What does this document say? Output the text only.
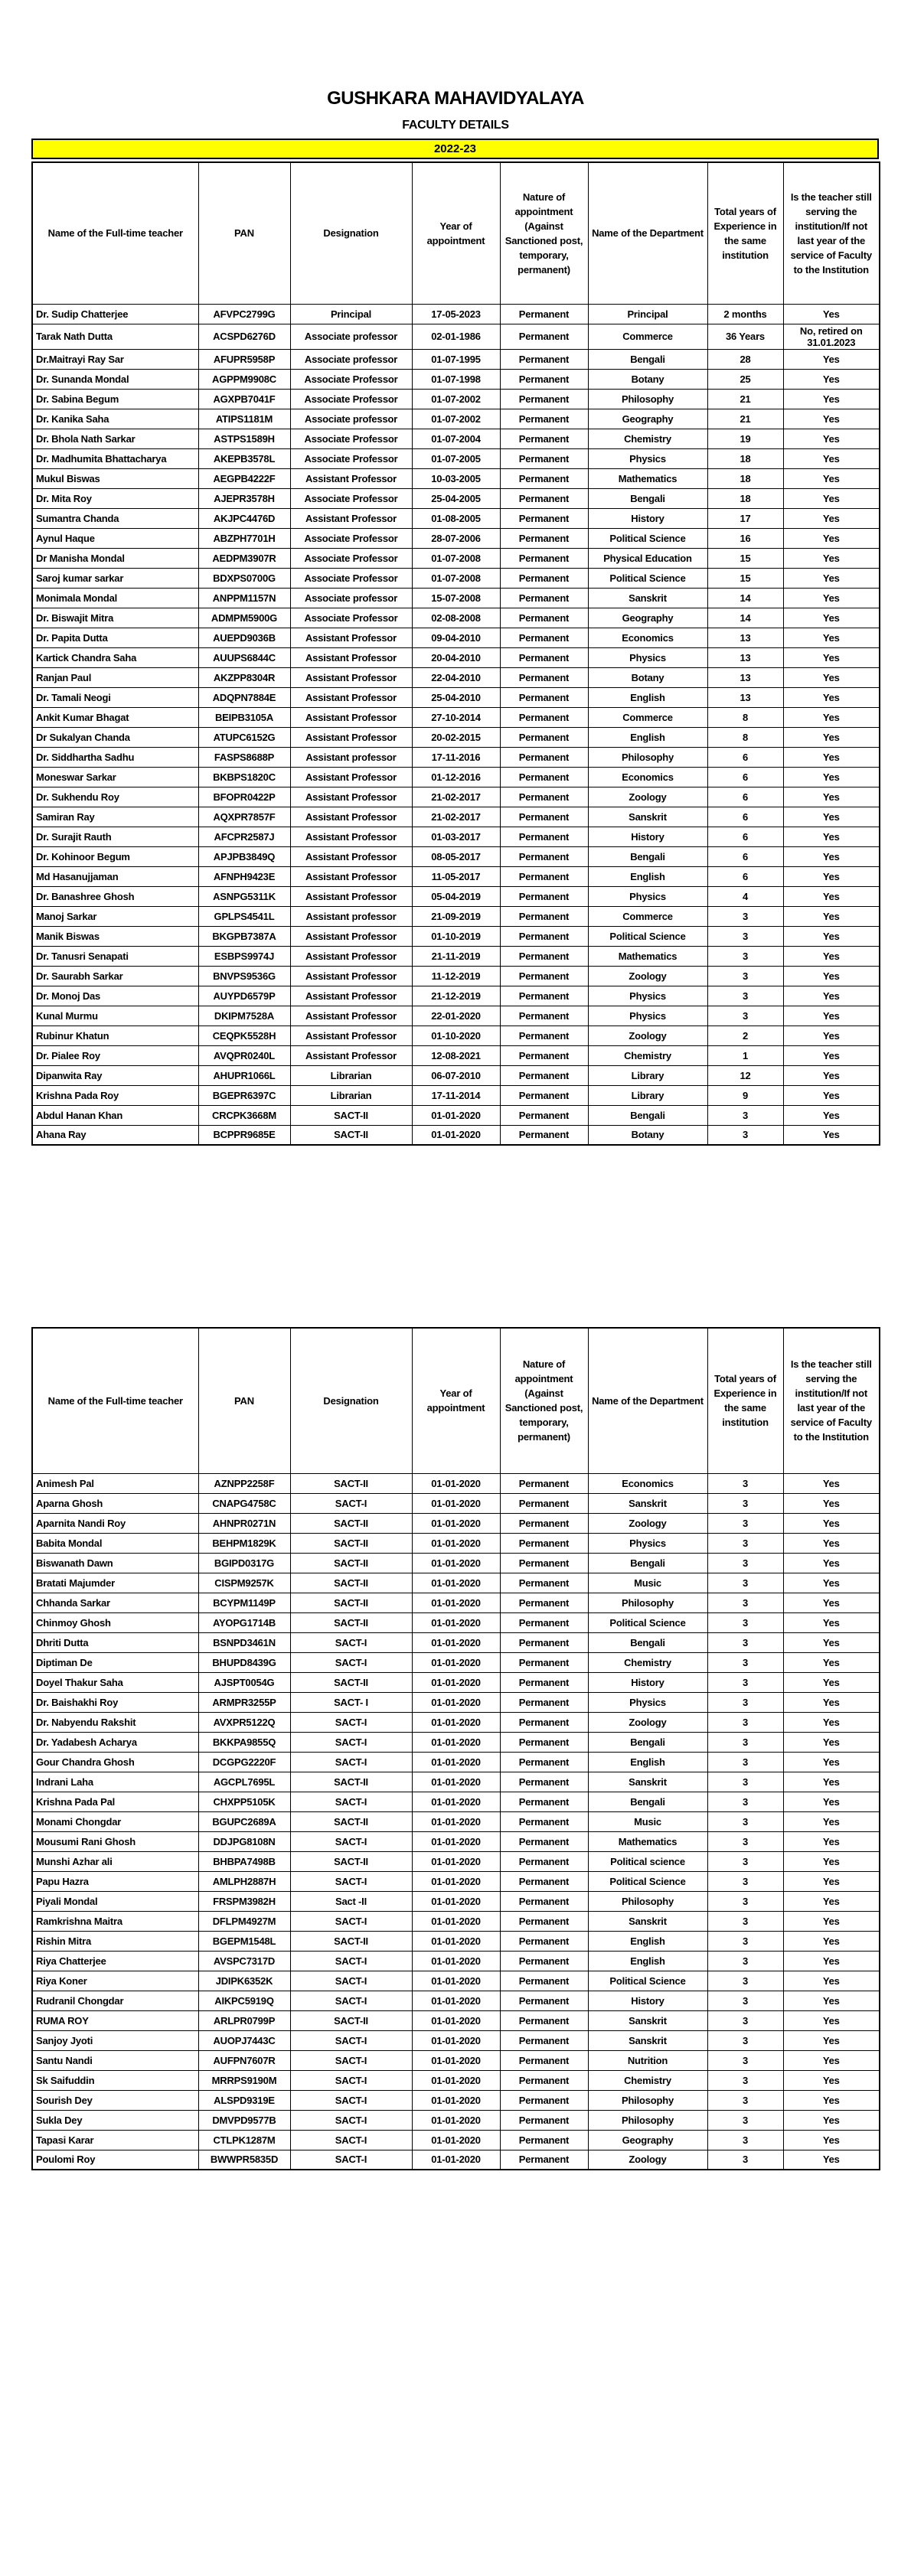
GUSHKARA MAHAVIDYALAYA
FACULTY DETAILS
2022-23
Name of the Full-time teacher	PAN	Designation	Year of appointment	Nature of appointment (Against Sanctioned post, temporary, permanent)	Name of the Department	Total years of Experience in the same institution	Is the teacher still serving the institution/If not last year of the service of Faculty to the Institution
Dr. Sudip Chatterjee	AFVPC2799G	Principal	17-05-2023	Permanent	Principal	2 months	Yes
Tarak Nath Dutta	ACSPD6276D	Associate professor	02-01-1986	Permanent	Commerce	36 Years	No, retired on 31.01.2023
Dr.Maitrayi Ray Sar	AFUPR5958P	Associate professor	01-07-1995	Permanent	Bengali	28	Yes
Dr. Sunanda Mondal	AGPPM9908C	Associate Professor	01-07-1998	Permanent	Botany	25	Yes
Dr. Sabina Begum	AGXPB7041F	Associate Professor	01-07-2002	Permanent	Philosophy	21	Yes
Dr. Kanika Saha	ATIPS1181M	Associate professor	01-07-2002	Permanent	Geography	21	Yes
Dr. Bhola Nath Sarkar	ASTPS1589H	Associate Professor	01-07-2004	Permanent	Chemistry	19	Yes
Dr. Madhumita Bhattacharya	AKEPB3578L	Associate Professor	01-07-2005	Permanent	Physics	18	Yes
Mukul Biswas	AEGPB4222F	Assistant Professor	10-03-2005	Permanent	Mathematics	18	Yes
Dr. Mita Roy	AJEPR3578H	Associate Professor	25-04-2005	Permanent	Bengali	18	Yes
Sumantra Chanda	AKJPC4476D	Assistant Professor	01-08-2005	Permanent	History	17	Yes
Aynul Haque	ABZPH7701H	Associate Professor	28-07-2006	Permanent	Political Science	16	Yes
Dr Manisha Mondal	AEDPM3907R	Associate Professor	01-07-2008	Permanent	Physical Education	15	Yes
Saroj kumar sarkar	BDXPS0700G	Associate Professor	01-07-2008	Permanent	Political Science	15	Yes
Monimala Mondal	ANPPM1157N	Associate professor	15-07-2008	Permanent	Sanskrit	14	Yes
Dr. Biswajit Mitra	ADMPM5900G	Associate Professor	02-08-2008	Permanent	Geography	14	Yes
Dr. Papita Dutta	AUEPD9036B	Assistant Professor	09-04-2010	Permanent	Economics	13	Yes
Kartick Chandra Saha	AUUPS6844C	Assistant Professor	20-04-2010	Permanent	Physics	13	Yes
Ranjan Paul	AKZPP8304R	Assistant Professor	22-04-2010	Permanent	Botany	13	Yes
Dr. Tamali Neogi	ADQPN7884E	Assistant Professor	25-04-2010	Permanent	English	13	Yes
Ankit Kumar Bhagat	BEIPB3105A	Assistant Professor	27-10-2014	Permanent	Commerce	8	Yes
Dr Sukalyan Chanda	ATUPC6152G	Assistant Professor	20-02-2015	Permanent	English	8	Yes
Dr. Siddhartha Sadhu	FASPS8688P	Assistant professor	17-11-2016	Permanent	Philosophy	6	Yes
Moneswar Sarkar	BKBPS1820C	Assistant Professor	01-12-2016	Permanent	Economics	6	Yes
Dr. Sukhendu Roy	BFOPR0422P	Assistant Professor	21-02-2017	Permanent	Zoology	6	Yes
Samiran Ray	AQXPR7857F	Assistant Professor	21-02-2017	Permanent	Sanskrit	6	Yes
Dr. Surajit Rauth	AFCPR2587J	Assistant Professor	01-03-2017	Permanent	History	6	Yes
Dr. Kohinoor Begum	APJPB3849Q	Assistant Professor	08-05-2017	Permanent	Bengali	6	Yes
Md Hasanujjaman	AFNPH9423E	Assistant Professor	11-05-2017	Permanent	English	6	Yes
Dr. Banashree Ghosh	ASNPG5311K	Assistant Professor	05-04-2019	Permanent	Physics	4	Yes
Manoj Sarkar	GPLPS4541L	Assistant professor	21-09-2019	Permanent	Commerce	3	Yes
Manik Biswas	BKGPB7387A	Assistant Professor	01-10-2019	Permanent	Political Science	3	Yes
Dr. Tanusri Senapati	ESBPS9974J	Assistant Professor	21-11-2019	Permanent	Mathematics	3	Yes
Dr. Saurabh Sarkar	BNVPS9536G	Assistant Professor	11-12-2019	Permanent	Zoology	3	Yes
Dr. Monoj Das	AUYPD6579P	Assistant Professor	21-12-2019	Permanent	Physics	3	Yes
Kunal Murmu	DKIPM7528A	Assistant Professor	22-01-2020	Permanent	Physics	3	Yes
Rubinur Khatun	CEQPK5528H	Assistant Professor	01-10-2020	Permanent	Zoology	2	Yes
Dr. Pialee Roy	AVQPR0240L	Assistant Professor	12-08-2021	Permanent	Chemistry	1	Yes
Dipanwita Ray	AHUPR1066L	Librarian	06-07-2010	Permanent	Library	12	Yes
Krishna Pada Roy	BGEPR6397C	Librarian	17-11-2014	Permanent	Library	9	Yes
Abdul Hanan Khan	CRCPK3668M	SACT-II	01-01-2020	Permanent	Bengali	3	Yes
Ahana Ray	BCPPR9685E	SACT-II	01-01-2020	Permanent	Botany	3	Yes
Name of the Full-time teacher	PAN	Designation	Year of appointment	Nature of appointment (Against Sanctioned post, temporary, permanent)	Name of the Department	Total years of Experience in the same institution	Is the teacher still serving the institution/If not last year of the service of Faculty to the Institution
Animesh Pal	AZNPP2258F	SACT-II	01-01-2020	Permanent	Economics	3	Yes
Aparna Ghosh	CNAPG4758C	SACT-I	01-01-2020	Permanent	Sanskrit	3	Yes
Aparnita Nandi Roy	AHNPR0271N	SACT-II	01-01-2020	Permanent	Zoology	3	Yes
Babita Mondal	BEHPM1829K	SACT-II	01-01-2020	Permanent	Physics	3	Yes
Biswanath Dawn	BGIPD0317G	SACT-II	01-01-2020	Permanent	Bengali	3	Yes
Bratati Majumder	CISPM9257K	SACT-II	01-01-2020	Permanent	Music	3	Yes
Chhanda Sarkar	BCYPM1149P	SACT-II	01-01-2020	Permanent	Philosophy	3	Yes
Chinmoy Ghosh	AYOPG1714B	SACT-II	01-01-2020	Permanent	Political Science	3	Yes
Dhriti Dutta	BSNPD3461N	SACT-I	01-01-2020	Permanent	Bengali	3	Yes
Diptiman De	BHUPD8439G	SACT-I	01-01-2020	Permanent	Chemistry	3	Yes
Doyel Thakur Saha	AJSPT0054G	SACT-II	01-01-2020	Permanent	History	3	Yes
Dr. Baishakhi Roy	ARMPR3255P	SACT- I	01-01-2020	Permanent	Physics	3	Yes
Dr. Nabyendu Rakshit	AVXPR5122Q	SACT-I	01-01-2020	Permanent	Zoology	3	Yes
Dr. Yadabesh Acharya	BKKPA9855Q	SACT-I	01-01-2020	Permanent	Bengali	3	Yes
Gour Chandra Ghosh	DCGPG2220F	SACT-I	01-01-2020	Permanent	English	3	Yes
Indrani Laha	AGCPL7695L	SACT-II	01-01-2020	Permanent	Sanskrit	3	Yes
Krishna Pada Pal	CHXPP5105K	SACT-I	01-01-2020	Permanent	Bengali	3	Yes
Monami Chongdar	BGUPC2689A	SACT-II	01-01-2020	Permanent	Music	3	Yes
Mousumi Rani Ghosh	DDJPG8108N	SACT-I	01-01-2020	Permanent	Mathematics	3	Yes
Munshi Azhar ali	BHBPA7498B	SACT-II	01-01-2020	Permanent	Political science	3	Yes
Papu Hazra	AMLPH2887H	SACT-I	01-01-2020	Permanent	Political Science	3	Yes
Piyali Mondal	FRSPM3982H	Sact -II	01-01-2020	Permanent	Philosophy	3	Yes
Ramkrishna Maitra	DFLPM4927M	SACT-I	01-01-2020	Permanent	Sanskrit	3	Yes
Rishin Mitra	BGEPM1548L	SACT-II	01-01-2020	Permanent	English	3	Yes
Riya Chatterjee	AVSPC7317D	SACT-I	01-01-2020	Permanent	English	3	Yes
Riya Koner	JDIPK6352K	SACT-I	01-01-2020	Permanent	Political Science	3	Yes
Rudranil Chongdar	AIKPC5919Q	SACT-I	01-01-2020	Permanent	History	3	Yes
RUMA ROY	ARLPR0799P	SACT-II	01-01-2020	Permanent	Sanskrit	3	Yes
Sanjoy Jyoti	AUOPJ7443C	SACT-I	01-01-2020	Permanent	Sanskrit	3	Yes
Santu Nandi	AUFPN7607R	SACT-I	01-01-2020	Permanent	Nutrition	3	Yes
Sk Saifuddin	MRRPS9190M	SACT-I	01-01-2020	Permanent	Chemistry	3	Yes
Sourish Dey	ALSPD9319E	SACT-I	01-01-2020	Permanent	Philosophy	3	Yes
Sukla Dey	DMVPD9577B	SACT-I	01-01-2020	Permanent	Philosophy	3	Yes
Tapasi Karar	CTLPK1287M	SACT-I	01-01-2020	Permanent	Geography	3	Yes
Poulomi Roy	BWWPR5835D	SACT-I	01-01-2020	Permanent	Zoology	3	Yes
